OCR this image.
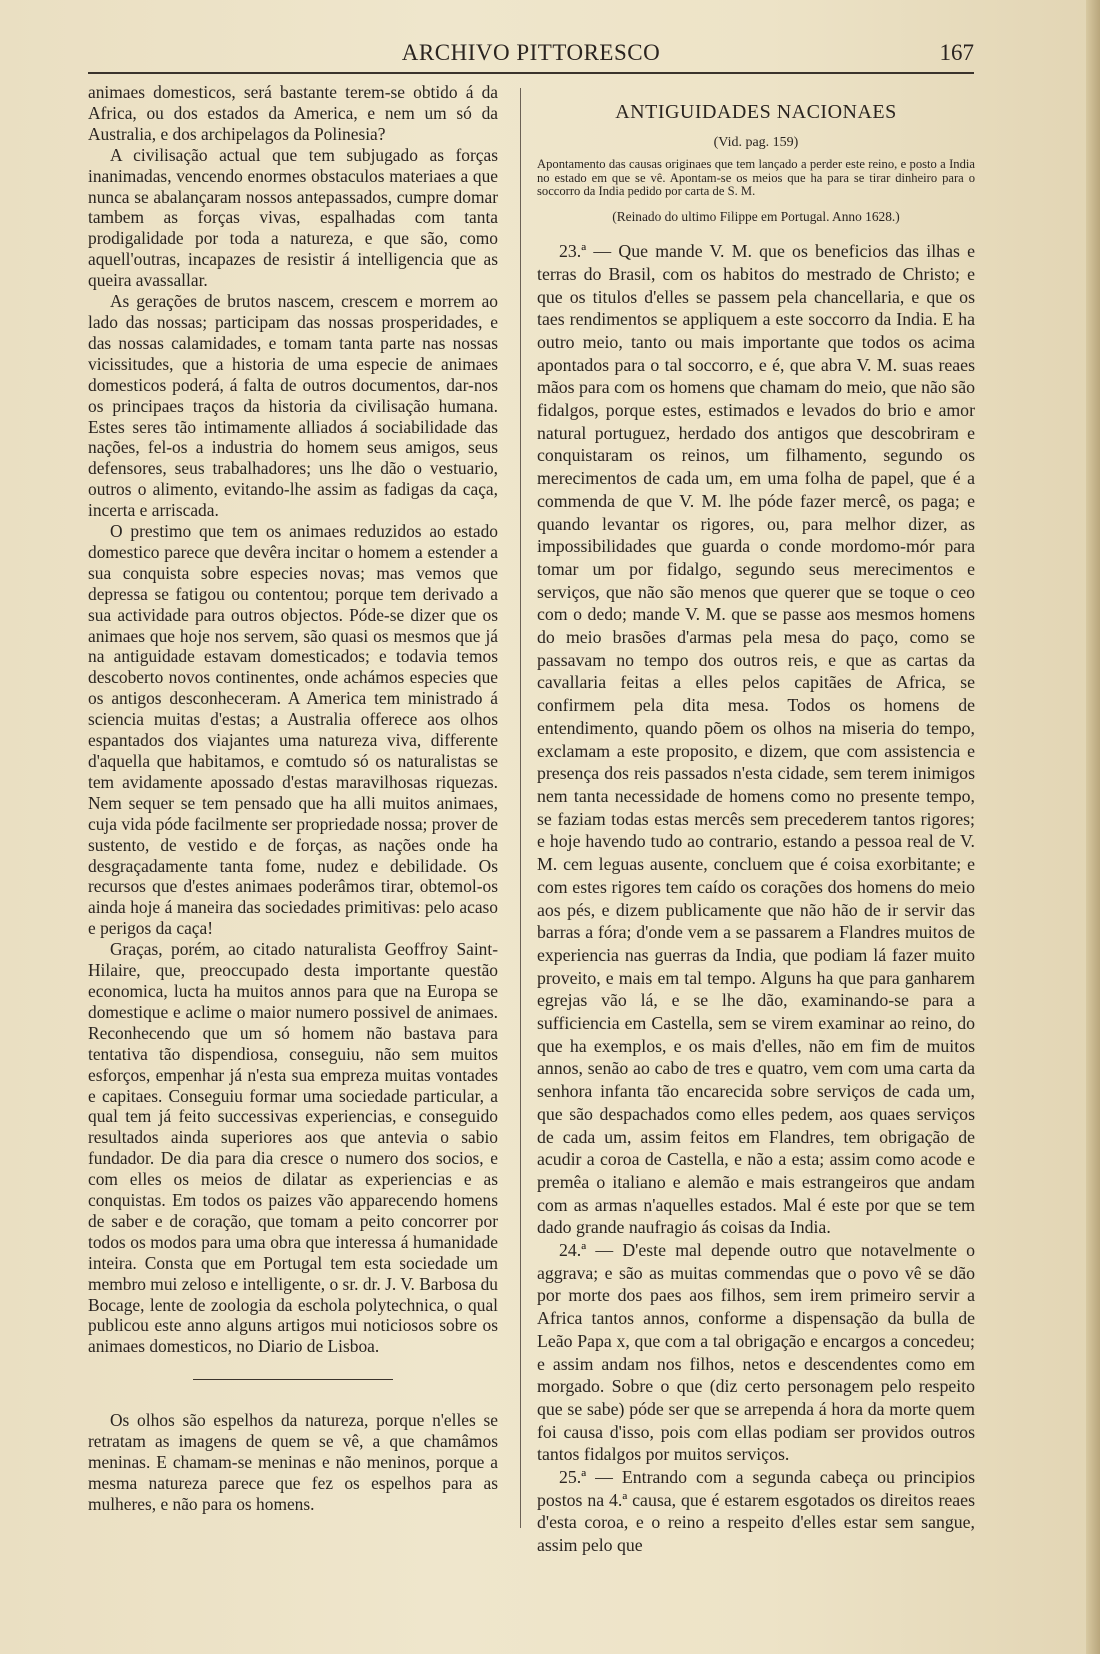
ARCHIVO PITTORESCO	167

animaes domesticos, será bastante terem-se obtido á da Africa, ou dos estados da America, e nem um só da Australia, e dos archipelagos da Polinesia?

A civilisação actual que tem subjugado as forças inanimadas, vencendo enormes obstaculos materiaes a que nunca se abalançaram nossos antepassados, cumpre domar tambem as forças vivas, espalhadas com tanta prodigalidade por toda a natureza, e que são, como aquell'outras, incapazes de resistir á intelligencia que as queira avassallar.

As gerações de brutos nascem, crescem e morrem ao lado das nossas; participam das nossas prosperidades, e das nossas calamidades, e tomam tanta parte nas nossas vicissitudes, que a historia de uma especie de animaes domesticos poderá, á falta de outros documentos, dar-nos os principaes traços da historia da civilisação humana. Estes seres tão intimamente alliados á sociabilidade das nações, fel-os a industria do homem seus amigos, seus defensores, seus trabalhadores; uns lhe dão o vestuario, outros o alimento, evitando-lhe assim as fadigas da caça, incerta e arriscada.

O prestimo que tem os animaes reduzidos ao estado domestico parece que devêra incitar o homem a estender a sua conquista sobre especies novas; mas vemos que depressa se fatigou ou contentou; porque tem derivado a sua actividade para outros objectos. Póde-se dizer que os animaes que hoje nos servem, são quasi os mesmos que já na antiguidade estavam domesticados; e todavia temos descoberto novos continentes, onde achámos especies que os antigos desconheceram. A America tem ministrado á sciencia muitas d'estas; a Australia offerece aos olhos espantados dos viajantes uma natureza viva, differente d'aquella que habitamos, e comtudo só os naturalistas se tem avidamente apossado d'estas maravilhosas riquezas. Nem sequer se tem pensado que ha alli muitos animaes, cuja vida póde facilmente ser propriedade nossa; prover de sustento, de vestido e de forças, as nações onde ha desgraçadamente tanta fome, nudez e debilidade. Os recursos que d'estes animaes poderâmos tirar, obtemol-os ainda hoje á maneira das sociedades primitivas: pelo acaso e perigos da caça!

Graças, porém, ao citado naturalista Geoffroy Saint-Hilaire, que, preoccupado desta importante questão economica, lucta ha muitos annos para que na Europa se domestique e aclime o maior numero possivel de animaes. Reconhecendo que um só homem não bastava para tentativa tão dispendiosa, conseguiu, não sem muitos esforços, empenhar já n'esta sua empreza muitas vontades e capitaes. Conseguiu formar uma sociedade particular, a qual tem já feito successivas experiencias, e conseguido resultados ainda superiores aos que antevia o sabio fundador. De dia para dia cresce o numero dos socios, e com elles os meios de dilatar as experiencias e as conquistas. Em todos os paizes vão apparecendo homens de saber e de coração, que tomam a peito concorrer por todos os modos para uma obra que interessa á humanidade inteira. Consta que em Portugal tem esta sociedade um membro mui zeloso e intelligente, o sr. dr. J. V. Barbosa du Bocage, lente de zoologia da eschola polytechnica, o qual publicou este anno alguns artigos mui noticiosos sobre os animaes domesticos, no Diario de Lisboa.

Os olhos são espelhos da natureza, porque n'elles se retratam as imagens de quem se vê, a que chamâmos meninas. E chamam-se meninas e não meninos, porque a mesma natureza parece que fez os espelhos para as mulheres, e não para os homens.

ANTIGUIDADES NACIONAES

(Vid. pag. 159)

Apontamento das causas originaes que tem lançado a perder este reino, e posto a India no estado em que se vê. Apontam-se os meios que ha para se tirar dinheiro para o soccorro da India pedido por carta de S. M.

(Reinado do ultimo Filippe em Portugal. Anno 1628.)

23.ª — Que mande V. M. que os beneficios das ilhas e terras do Brasil, com os habitos do mestrado de Christo; e que os titulos d'elles se passem pela chancellaria, e que os taes rendimentos se appliquem a este soccorro da India. E ha outro meio, tanto ou mais importante que todos os acima apontados para o tal soccorro, e é, que abra V. M. suas reaes mãos para com os homens que chamam do meio, que não são fidalgos, porque estes, estimados e levados do brio e amor natural portuguez, herdado dos antigos que descobriram e conquistaram os reinos, um filhamento, segundo os merecimentos de cada um, em uma folha de papel, que é a commenda de que V. M. lhe póde fazer mercê, os paga; e quando levantar os rigores, ou, para melhor dizer, as impossibilidades que guarda o conde mordomo-mór para tomar um por fidalgo, segundo seus merecimentos e serviços, que não são menos que querer que se toque o ceo com o dedo; mande V. M. que se passe aos mesmos homens do meio brasões d'armas pela mesa do paço, como se passavam no tempo dos outros reis, e que as cartas da cavallaria feitas a elles pelos capitães de Africa, se confirmem pela dita mesa. Todos os homens de entendimento, quando põem os olhos na miseria do tempo, exclamam a este proposito, e dizem, que com assistencia e presença dos reis passados n'esta cidade, sem terem inimigos nem tanta necessidade de homens como no presente tempo, se faziam todas estas mercês sem precederem tantos rigores; e hoje havendo tudo ao contrario, estando a pessoa real de V. M. cem leguas ausente, concluem que é coisa exorbitante; e com estes rigores tem caído os corações dos homens do meio aos pés, e dizem publicamente que não hão de ir servir das barras a fóra; d'onde vem a se passarem a Flandres muitos de experiencia nas guerras da India, que podiam lá fazer muito proveito, e mais em tal tempo. Alguns ha que para ganharem egrejas vão lá, e se lhe dão, examinando-se para a sufficiencia em Castella, sem se virem examinar ao reino, do que ha exemplos, e os mais d'elles, não em fim de muitos annos, senão ao cabo de tres e quatro, vem com uma carta da senhora infanta tão encarecida sobre serviços de cada um, que são despachados como elles pedem, aos quaes serviços de cada um, assim feitos em Flandres, tem obrigação de acudir a coroa de Castella, e não a esta; assim como acode e premêa o italiano e alemão e mais estrangeiros que andam com as armas n'aquelles estados. Mal é este por que se tem dado grande naufragio ás coisas da India.

24.ª — D'este mal depende outro que notavelmente o aggrava; e são as muitas commendas que o povo vê se dão por morte dos paes aos filhos, sem irem primeiro servir a Africa tantos annos, conforme a dispensação da bulla de Leão Papa x, que com a tal obrigação e encargos a concedeu; e assim andam nos filhos, netos e descendentes como em morgado. Sobre o que (diz certo personagem pelo respeito que se sabe) póde ser que se arrependa á hora da morte quem foi causa d'isso, pois com ellas podiam ser providos outros tantos fidalgos por muitos serviços.

25.ª — Entrando com a segunda cabeça ou principios postos na 4.ª causa, que é estarem esgotados os direitos reaes d'esta coroa, e o reino a respeito d'elles estar sem sangue, assim pelo que
